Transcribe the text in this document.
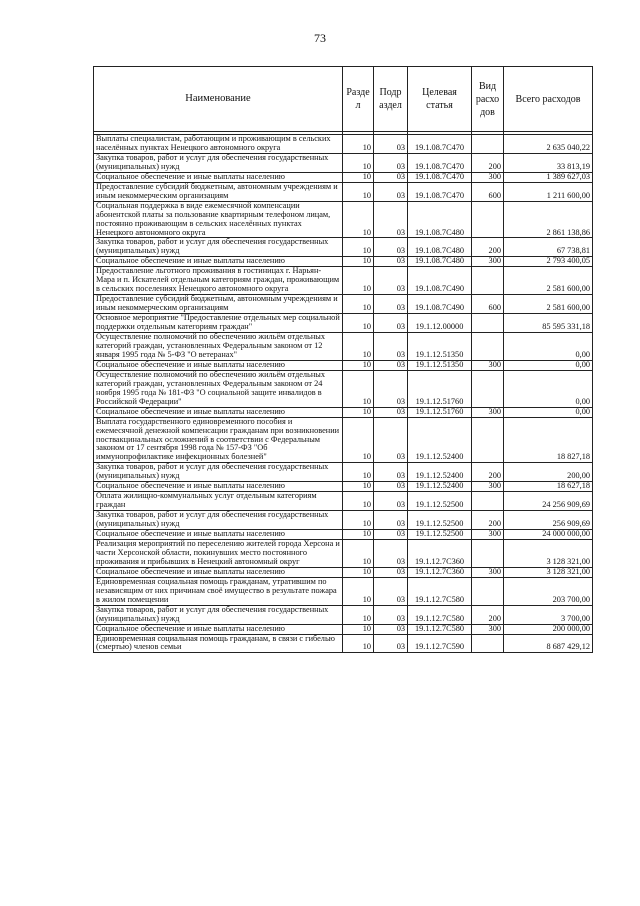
73
Наименование	Разде л	Подр аздел	Целевая статья	Вид расхо дов	Всего расходов

Выплаты специалистам, работающим и проживающим в сельских населённых пунктах Ненецкого автономного округа	10	03	19.1.08.7С470		2 635 040,22
Закупка товаров, работ и услуг для обеспечения государственных (муниципальных) нужд	10	03	19.1.08.7С470	200	33 813,19
Социальное обеспечение и иные выплаты населению	10	03	19.1.08.7С470	300	1 389 627,03
Предоставление субсидий бюджетным, автономным учреждениям и иным некоммерческим организациям	10	03	19.1.08.7С470	600	1 211 600,00
Социальная поддержка в виде ежемесячной компенсации абонентской платы за пользование квартирным телефоном лицам, постоянно проживающим в сельских населённых пунктах Ненецкого автономного округа	10	03	19.1.08.7С480		2 861 138,86
Закупка товаров, работ и услуг для обеспечения государственных (муниципальных) нужд	10	03	19.1.08.7С480	200	67 738,81
Социальное обеспечение и иные выплаты населению	10	03	19.1.08.7С480	300	2 793 400,05
Предоставление льготного проживания в гостиницах г. Нарьян-Мара и п. Искателей отдельным категориям граждан, проживающим в сельских поселениях Ненецкого автономного округа	10	03	19.1.08.7С490		2 581 600,00
Предоставление субсидий бюджетным, автономным учреждениям и иным некоммерческим организациям	10	03	19.1.08.7С490	600	2 581 600,00
Основное мероприятие "Предоставление отдельных мер социальной поддержки отдельным категориям граждан"	10	03	19.1.12.00000		85 595 331,18
Осуществление полномочий по обеспечению жильём отдельных категорий граждан, установленных Федеральным законом от 12 января 1995 года № 5-ФЗ "О ветеранах"	10	03	19.1.12.51350		0,00
Социальное обеспечение и иные выплаты населению	10	03	19.1.12.51350	300	0,00
Осуществление полномочий по обеспечению жильём отдельных категорий граждан, установленных Федеральным законом от 24 ноября 1995 года № 181-ФЗ "О социальной защите инвалидов в Российской Федерации"	10	03	19.1.12.51760		0,00
Социальное обеспечение и иные выплаты населению	10	03	19.1.12.51760	300	0,00
Выплата государственного единовременного пособия и ежемесячной денежной компенсации гражданам при возникновении поствакцинальных осложнений в соответствии с Федеральным законом от 17 сентября 1998 года № 157-ФЗ "Об иммунопрофилактике инфекционных болезней"	10	03	19.1.12.52400		18 827,18
Закупка товаров, работ и услуг для обеспечения государственных (муниципальных) нужд	10	03	19.1.12.52400	200	200,00
Социальное обеспечение и иные выплаты населению	10	03	19.1.12.52400	300	18 627,18
Оплата жилищно-коммунальных услуг отдельным категориям граждан	10	03	19.1.12.52500		24 256 909,69
Закупка товаров, работ и услуг для обеспечения государственных (муниципальных) нужд	10	03	19.1.12.52500	200	256 909,69
Социальное обеспечение и иные выплаты населению	10	03	19.1.12.52500	300	24 000 000,00
Реализация мероприятий по переселению жителей города Херсона и части Херсонской области, покинувших место постоянного проживания и прибывших в Ненецкий автономный округ	10	03	19.1.12.7С360		3 128 321,00
Социальное обеспечение и иные выплаты населению	10	03	19.1.12.7С360	300	3 128 321,00
Единовременная социальная помощь гражданам, утратившим по независящим от них причинам своё имущество в результате пожара в жилом помещении	10	03	19.1.12.7С580		203 700,00
Закупка товаров, работ и услуг для обеспечения государственных (муниципальных) нужд	10	03	19.1.12.7С580	200	3 700,00
Социальное обеспечение и иные выплаты населению	10	03	19.1.12.7С580	300	200 000,00
Единовременная социальная помощь гражданам, в связи с гибелью (смертью) членов семьи	10	03	19.1.12.7С590		8 687 429,12
